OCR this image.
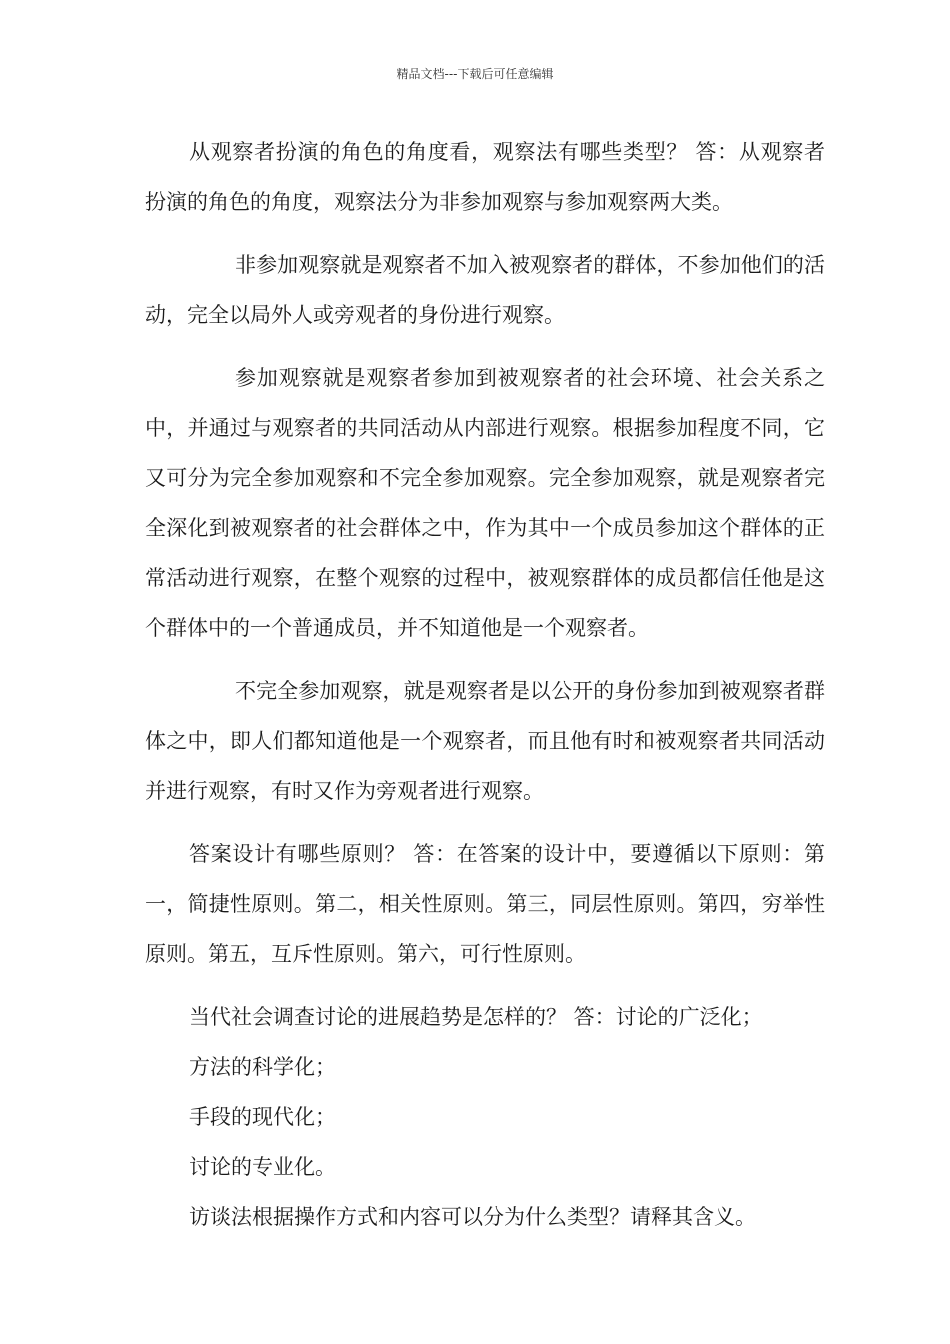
精品文档---下载后可任意编辑

从观察者扮演的角色的角度看，观察法有哪些类型？ 答：从观察者扮演的角色的角度，观察法分为非参加观察与参加观察两大类。

非参加观察就是观察者不加入被观察者的群体，不参加他们的活动，完全以局外人或旁观者的身份进行观察。

参加观察就是观察者参加到被观察者的社会环境、社会关系之中，并通过与观察者的共同活动从内部进行观察。根据参加程度不同，它又可分为完全参加观察和不完全参加观察。完全参加观察，就是观察者完全深化到被观察者的社会群体之中，作为其中一个成员参加这个群体的正常活动进行观察，在整个观察的过程中，被观察群体的成员都信任他是这个群体中的一个普通成员，并不知道他是一个观察者。

不完全参加观察，就是观察者是以公开的身份参加到被观察者群体之中，即人们都知道他是一个观察者，而且他有时和被观察者共同活动并进行观察，有时又作为旁观者进行观察。

答案设计有哪些原则？ 答：在答案的设计中，要遵循以下原则：第一，简捷性原则。第二，相关性原则。第三，同层性原则。第四，穷举性原则。第五，互斥性原则。第六，可行性原则。

当代社会调查讨论的进展趋势是怎样的？ 答：讨论的广泛化；

方法的科学化；

手段的现代化；

讨论的专业化。

访谈法根据操作方式和内容可以分为什么类型？请释其含义。
